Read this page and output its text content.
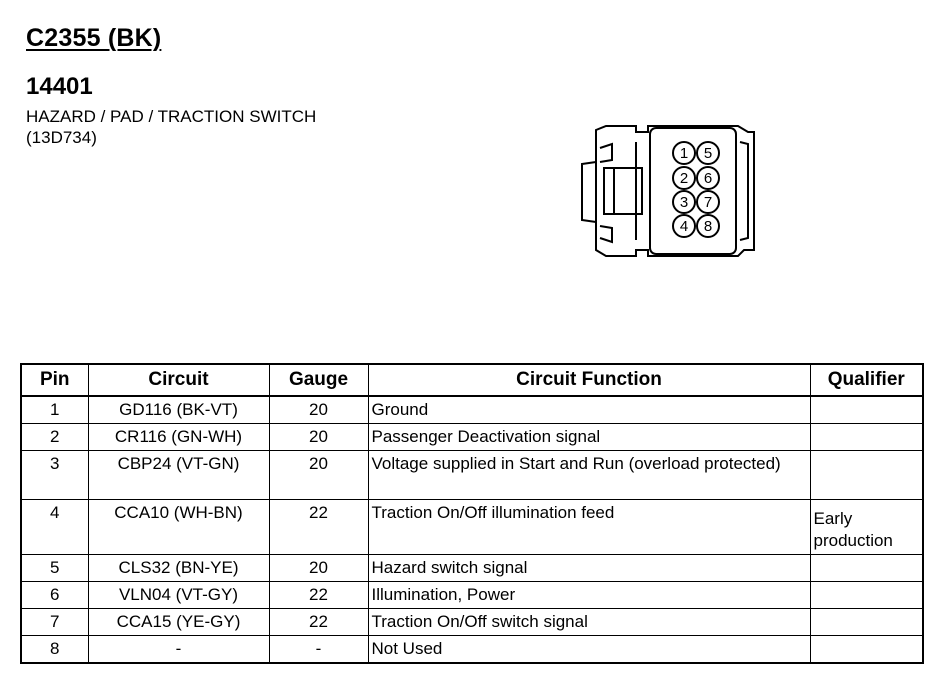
C2355 (BK)
14401
HAZARD / PAD / TRACTION SWITCH
(13D734)
1
2
3
4
5
6
7
8
Pin	Circuit	Gauge	Circuit Function	Qualifier
1	GD116 (BK-VT)	20	Ground	
2	CR116 (GN-WH)	20	Passenger Deactivation signal	
3	CBP24 (VT-GN)	20	Voltage supplied in Start and Run (overload protected)	
4	CCA10 (WH-BN)	22	Traction On/Off illumination feed	Early production
5	CLS32 (BN-YE)	20	Hazard switch signal	
6	VLN04 (VT-GY)	22	Illumination, Power	
7	CCA15 (YE-GY)	22	Traction On/Off switch signal	
8	-	-	Not Used	
